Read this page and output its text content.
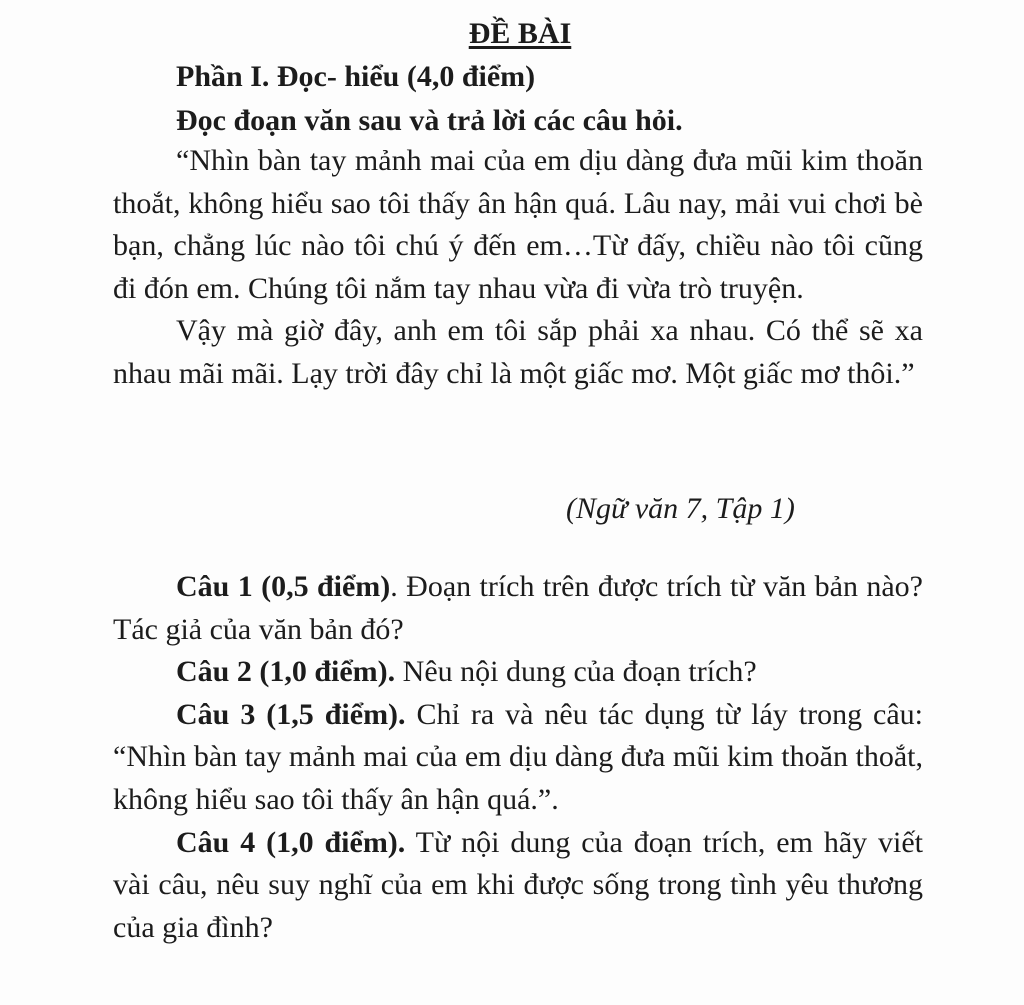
ĐỀ BÀI
Phần I. Đọc- hiểu (4,0 điểm)
Đọc đoạn văn sau và trả lời các câu hỏi.

“Nhìn bàn tay mảnh mai của em dịu dàng đưa mũi kim thoăn thoắt, không hiểu sao tôi thấy ân hận quá. Lâu nay, mải vui chơi bè bạn, chẳng lúc nào tôi chú ý đến em…Từ đấy, chiều nào tôi cũng đi đón em. Chúng tôi nắm tay nhau vừa đi vừa trò truyện.

Vậy mà giờ đây, anh em tôi sắp phải xa nhau. Có thể sẽ xa nhau mãi mãi. Lạy trời đây chỉ là một giấc mơ. Một giấc mơ thôi.”

(Ngữ văn 7, Tập 1)

Câu 1 (0,5 điểm). Đoạn trích trên được trích từ văn bản nào? Tác giả của văn bản đó?

Câu 2 (1,0 điểm). Nêu nội dung của đoạn trích?

Câu 3 (1,5 điểm). Chỉ ra và nêu tác dụng từ láy trong câu: “Nhìn bàn tay mảnh mai của em dịu dàng đưa mũi kim thoăn thoắt, không hiểu sao tôi thấy ân hận quá.”.

Câu 4 (1,0 điểm). Từ nội dung của đoạn trích, em hãy viết vài câu, nêu suy nghĩ của em khi được sống trong tình yêu thương của gia đình?
